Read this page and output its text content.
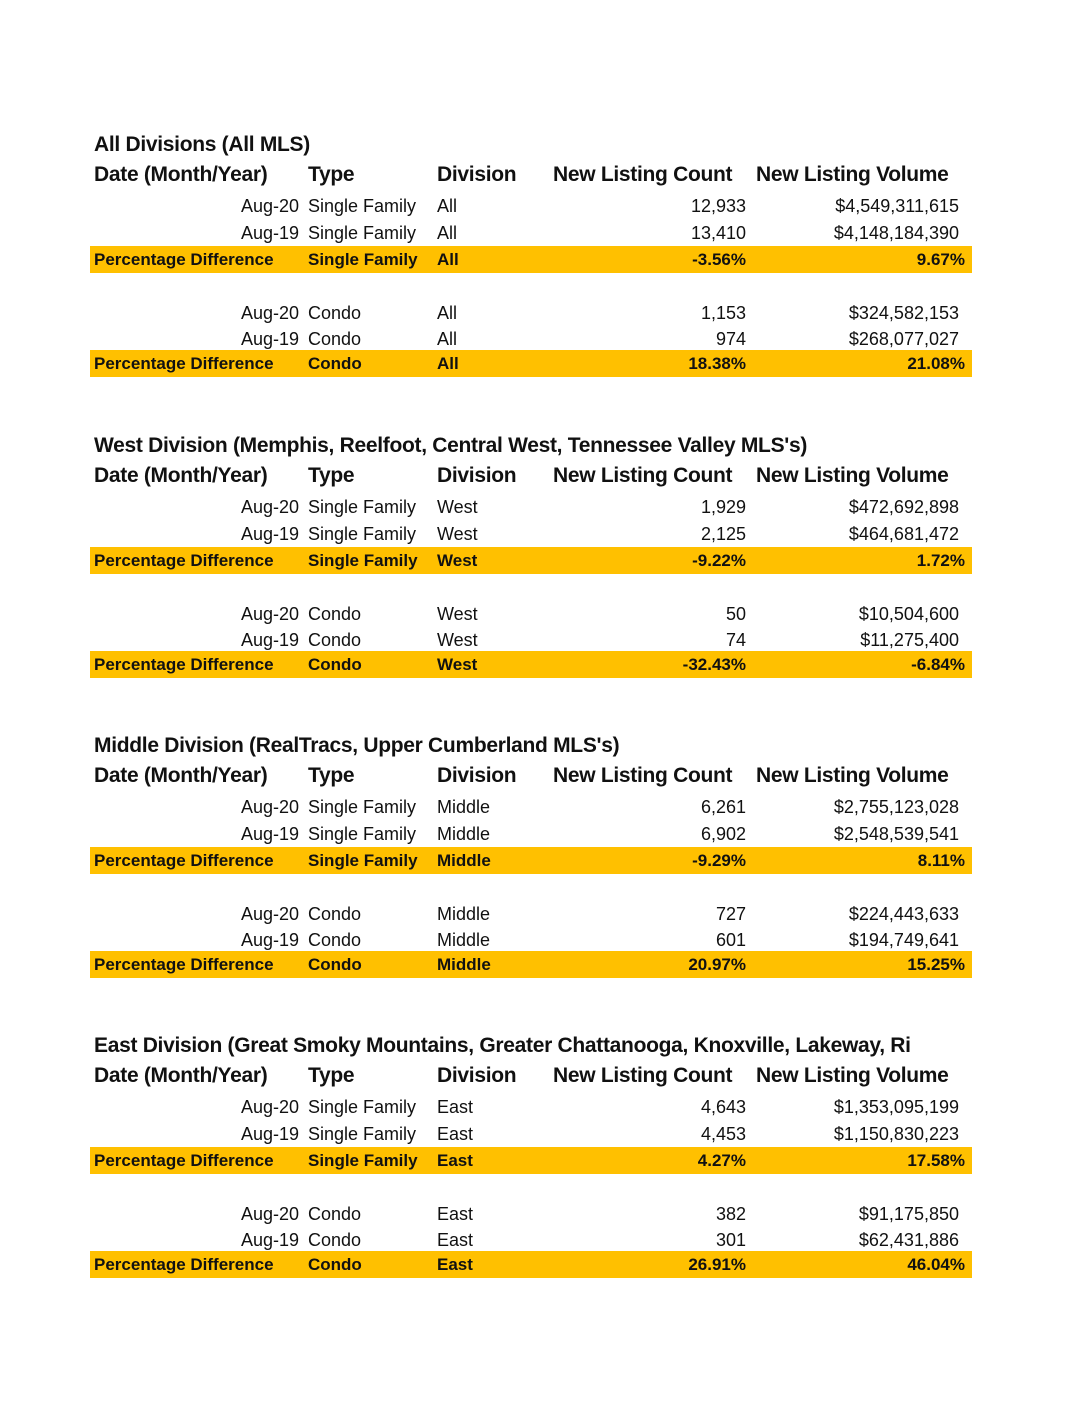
All Divisions (All MLS)
Date (Month/Year)	Type	Division	New Listing Count	New Listing Volume
Aug-20 Single Family	All	12,933	$4,549,311,615
Aug-19 Single Family	All	13,410	$4,148,184,390
Percentage Difference	Single Family	All	-3.56%	9.67%
Aug-20 Condo	All	1,153	$324,582,153
Aug-19 Condo	All	974	$268,077,027
Percentage Difference	Condo	All	18.38%	21.08%
West Division (Memphis, Reelfoot, Central West, Tennessee Valley MLS's)
Date (Month/Year)	Type	Division	New Listing Count	New Listing Volume
Aug-20 Single Family	West	1,929	$472,692,898
Aug-19 Single Family	West	2,125	$464,681,472
Percentage Difference	Single Family	West	-9.22%	1.72%
Aug-20 Condo	West	50	$10,504,600
Aug-19 Condo	West	74	$11,275,400
Percentage Difference	Condo	West	-32.43%	-6.84%
Middle Division (RealTracs, Upper Cumberland MLS's)
Date (Month/Year)	Type	Division	New Listing Count	New Listing Volume
Aug-20 Single Family	Middle	6,261	$2,755,123,028
Aug-19 Single Family	Middle	6,902	$2,548,539,541
Percentage Difference	Single Family	Middle	-9.29%	8.11%
Aug-20 Condo	Middle	727	$224,443,633
Aug-19 Condo	Middle	601	$194,749,641
Percentage Difference	Condo	Middle	20.97%	15.25%
East Division (Great Smoky Mountains, Greater Chattanooga, Knoxville, Lakeway, Ri
Date (Month/Year)	Type	Division	New Listing Count	New Listing Volume
Aug-20 Single Family	East	4,643	$1,353,095,199
Aug-19 Single Family	East	4,453	$1,150,830,223
Percentage Difference	Single Family	East	4.27%	17.58%
Aug-20 Condo	East	382	$91,175,850
Aug-19 Condo	East	301	$62,431,886
Percentage Difference	Condo	East	26.91%	46.04%
